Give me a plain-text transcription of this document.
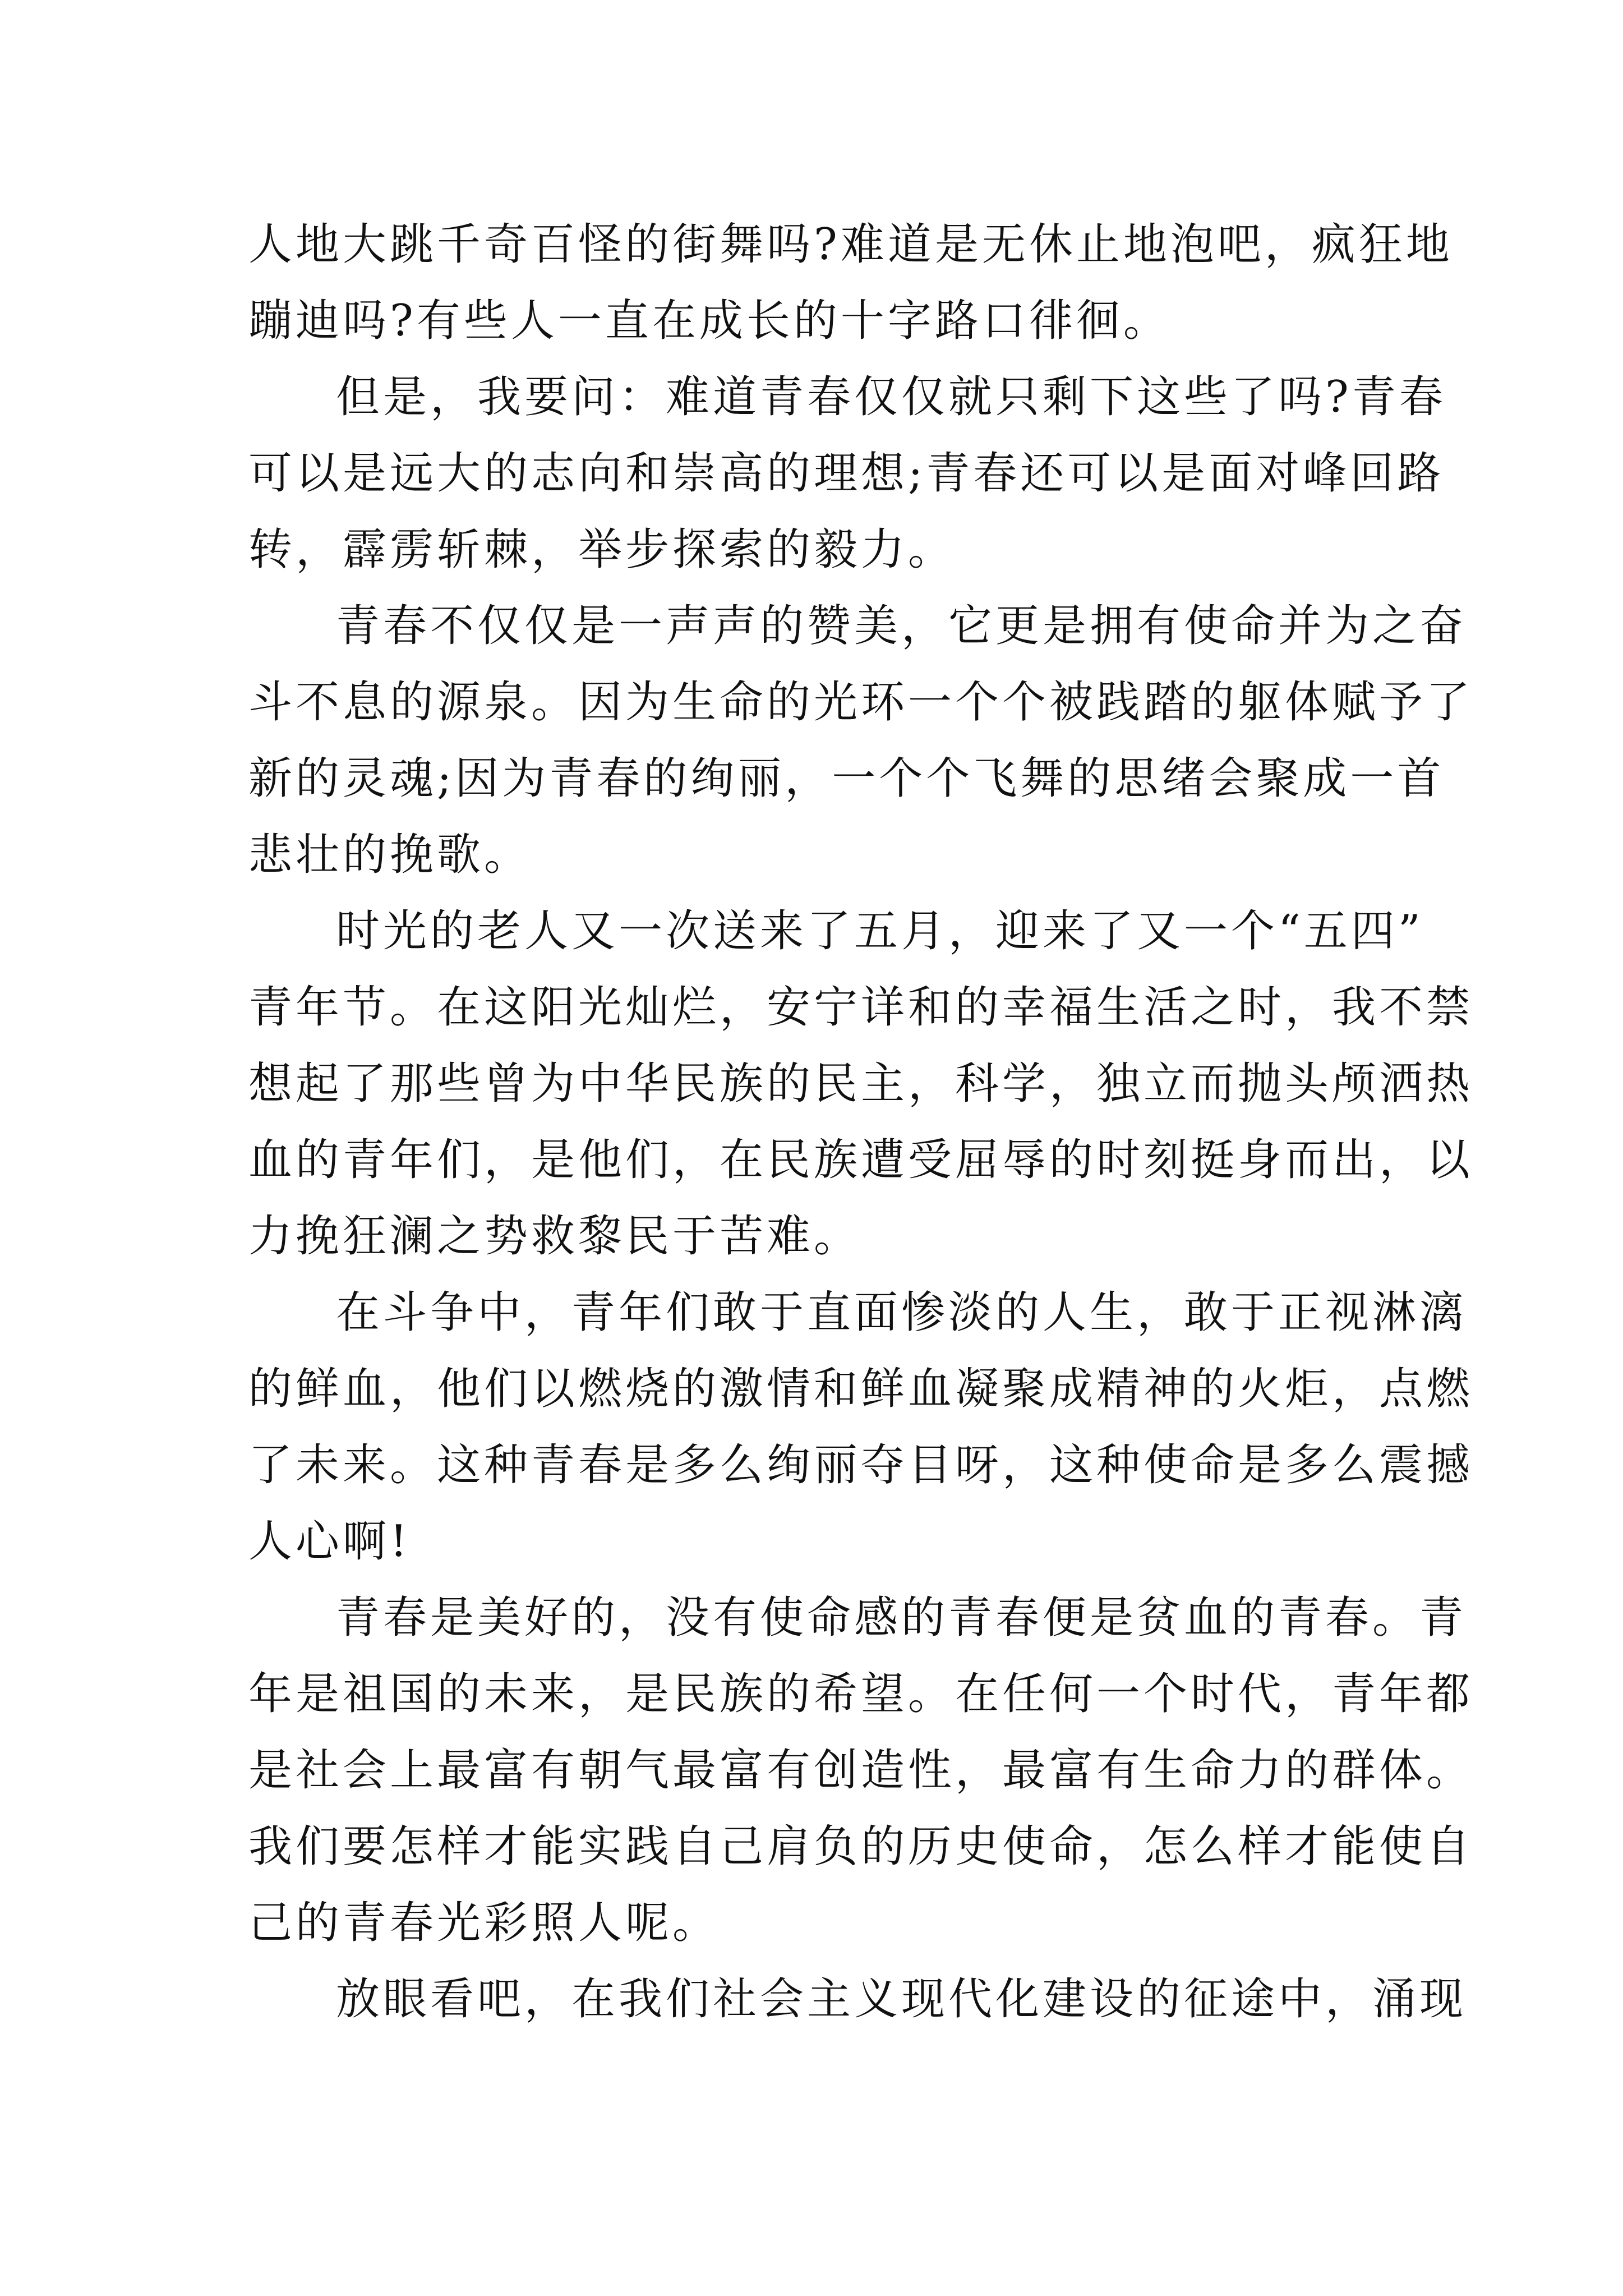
人地大跳千奇百怪的街舞吗?难道是无休止地泡吧，疯狂地
蹦迪吗?有些人一直在成长的十字路口徘徊。
但是，我要问：难道青春仅仅就只剩下这些了吗?青春
可以是远大的志向和崇高的理想;青春还可以是面对峰回路
转，霹雳斩棘，举步探索的毅力。
青春不仅仅是一声声的赞美，它更是拥有使命并为之奋
斗不息的源泉。因为生命的光环一个个被践踏的躯体赋予了
新的灵魂;因为青春的绚丽，一个个飞舞的思绪会聚成一首
悲壮的挽歌。
时光的老人又一次送来了五月，迎来了又一个“五四”
青年节。在这阳光灿烂，安宁详和的幸福生活之时，我不禁
想起了那些曾为中华民族的民主，科学，独立而抛头颅洒热
血的青年们，是他们，在民族遭受屈辱的时刻挺身而出，以
力挽狂澜之势救黎民于苦难。
在斗争中，青年们敢于直面惨淡的人生，敢于正视淋漓
的鲜血，他们以燃烧的激情和鲜血凝聚成精神的火炬，点燃
了未来。这种青春是多么绚丽夺目呀，这种使命是多么震撼
人心啊!
青春是美好的，没有使命感的青春便是贫血的青春。青
年是祖国的未来，是民族的希望。在任何一个时代，青年都
是社会上最富有朝气最富有创造性，最富有生命力的群体。
我们要怎样才能实践自己肩负的历史使命，怎么样才能使自
己的青春光彩照人呢。
放眼看吧，在我们社会主义现代化建设的征途中，涌现
